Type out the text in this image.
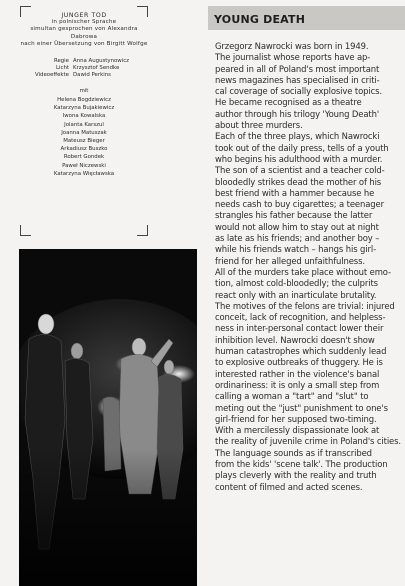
JUNGER TOD
in polnischer Sprache
simultan gesprochen von Alexandra Dabrowa
nach einer Übersetzung von Birgitt Wolfge
Regie Anna Augustynowicz
Licht Krzysztof Sendke
Videoeffekte Dawid Perkins
mit
Helena Bogdziewicz
Katarzyna Bujakiewicz
Iwona Kowalska
Jolanta Karszul
Joanna Matuszak
Mateusz Bieger
Arkadiusz Buszko
Robert Gondek
Paweł Niczewski
Katarzyna Więcławska
YOUNG DEATH
Grzegorz Nawrocki was born in 1949.
The journalist whose reports have ap-
peared in all of Poland's most important
news magazines has specialised in criti-
cal coverage of socially explosive topics.
He became recognised as a theatre
author through his trilogy 'Young Death'
about three murders.
Each of the three plays, which Nawrocki
took out of the daily press, tells of a youth
who begins his adulthood with a murder.
The son of a scientist and a teacher cold-
bloodedly strikes dead the mother of his
best friend with a hammer because he
needs cash to buy cigarettes; a teenager
strangles his father because the latter
would not allow him to stay out at night
as late as his friends; and another boy –
while his friends watch – hangs his girl-
friend for her alleged unfaithfulness.
All of the murders take place without emo-
tion, almost cold-bloodedly; the culprits
react only with an inarticulate brutality.
The motives of the felons are trivial: injured
conceit, lack of recognition, and helpless-
ness in inter-personal contact lower their
inhibition level. Nawrocki doesn't show
human catastrophes which suddenly lead
to explosive outbreaks of thuggery. He is
interested rather in the violence's banal
ordinariness: it is only a small step from
calling a woman a "tart" and "slut" to
meting out the "just" punishment to one's
girl-friend for her supposed two-timing.
With a mercilessly dispassionate look at
the reality of juvenile crime in Poland's cities.
The language sounds as if transcribed
from the kids' 'scene talk'. The production
plays cleverly with the reality and truth
content of filmed and acted scenes.
